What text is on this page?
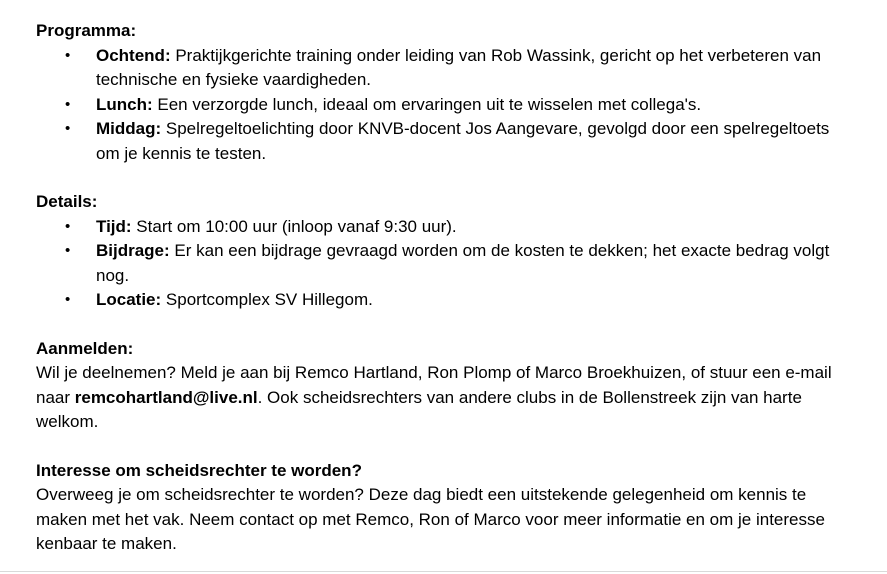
Programma:

• Ochtend: Praktijkgerichte training onder leiding van Rob Wassink, gericht op het verbeteren van technische en fysieke vaardigheden.
• Lunch: Een verzorgde lunch, ideaal om ervaringen uit te wisselen met collega's.
• Middag: Spelregeltoelichting door KNVB-docent Jos Aangevare, gevolgd door een spelregeltoets om je kennis te testen.

Details:

• Tijd: Start om 10:00 uur (inloop vanaf 9:30 uur).
• Bijdrage: Er kan een bijdrage gevraagd worden om de kosten te dekken; het exacte bedrag volgt nog.
• Locatie: Sportcomplex SV Hillegom.

Aanmelden:

Wil je deelnemen? Meld je aan bij Remco Hartland, Ron Plomp of Marco Broekhuizen, of stuur een e-mail naar remcohartland@live.nl. Ook scheidsrechters van andere clubs in de Bollenstreek zijn van harte welkom.

Interesse om scheidsrechter te worden?

Overweeg je om scheidsrechter te worden? Deze dag biedt een uitstekende gelegenheid om kennis te maken met het vak. Neem contact op met Remco, Ron of Marco voor meer informatie en om je interesse kenbaar te maken.
